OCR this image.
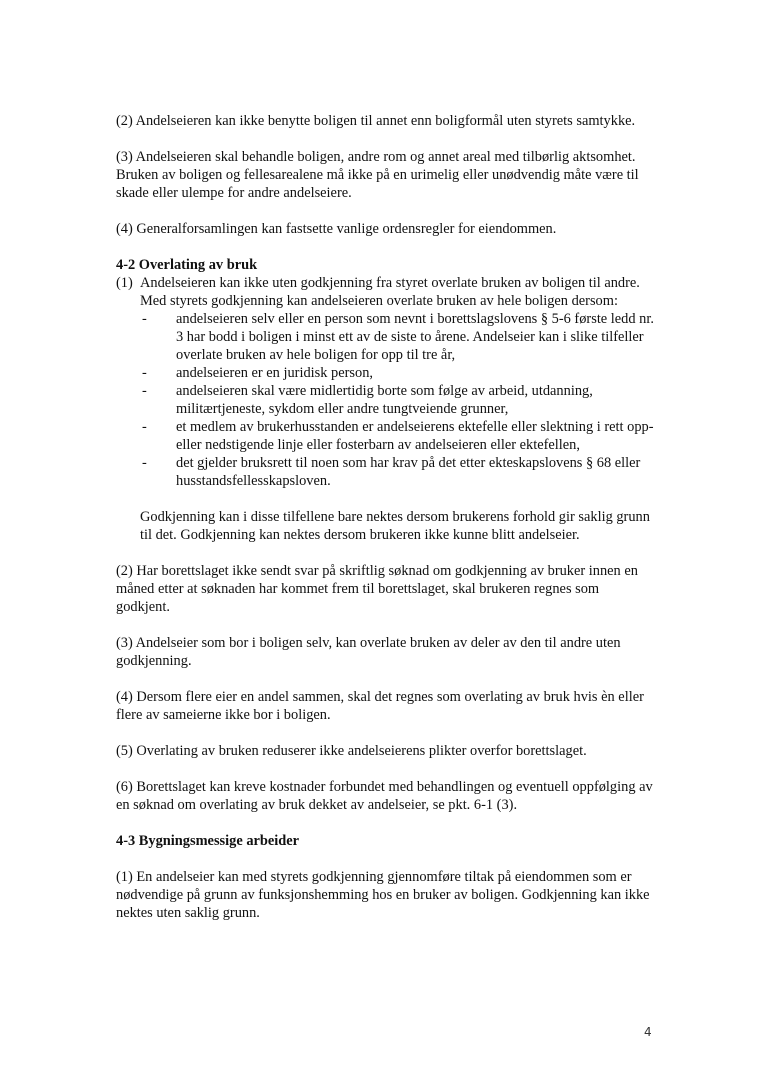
(2) Andelseieren kan ikke benytte boligen til annet enn boligformål uten styrets samtykke.

(3) Andelseieren skal behandle boligen, andre rom og annet areal med tilbørlig aktsomhet. Bruken av boligen og fellesarealene må ikke på en urimelig eller unødvendig måte være til skade eller ulempe for andre andelseiere.

(4) Generalforsamlingen kan fastsette vanlige ordensregler for eiendommen.

4-2 Overlating av bruk
(1) Andelseieren kan ikke uten godkjenning fra styret overlate bruken av boligen til andre. Med styrets godkjenning kan andelseieren overlate bruken av hele boligen dersom:
- andelseieren selv eller en person som nevnt i borettslagslovens § 5-6 første ledd nr. 3 har bodd i boligen i minst ett av de siste to årene. Andelseier kan i slike tilfeller overlate bruken av hele boligen for opp til tre år,
- andelseieren er en juridisk person,
- andelseieren skal være midlertidig borte som følge av arbeid, utdanning, militærtjeneste, sykdom eller andre tungtveiende grunner,
- et medlem av brukerhusstanden er andelseierens ektefelle eller slektning i rett opp- eller nedstigende linje eller fosterbarn av andelseieren eller ektefellen,
- det gjelder bruksrett til noen som har krav på det etter ekteskapslovens § 68 eller husstandsfellesskapsloven.

Godkjenning kan i disse tilfellene bare nektes dersom brukerens forhold gir saklig grunn til det. Godkjenning kan nektes dersom brukeren ikke kunne blitt andelseier.

(2) Har borettslaget ikke sendt svar på skriftlig søknad om godkjenning av bruker innen en måned etter at søknaden har kommet frem til borettslaget, skal brukeren regnes som godkjent.

(3) Andelseier som bor i boligen selv, kan overlate bruken av deler av den til andre uten godkjenning.

(4) Dersom flere eier en andel sammen, skal det regnes som overlating av bruk hvis èn eller flere av sameierne ikke bor i boligen.

(5) Overlating av bruken reduserer ikke andelseierens plikter overfor borettslaget.

(6) Borettslaget kan kreve kostnader forbundet med behandlingen og eventuell oppfølging av en søknad om overlating av bruk dekket av andelseier, se pkt. 6-1 (3).

4-3 Bygningsmessige arbeider

(1) En andelseier kan med styrets godkjenning gjennomføre tiltak på eiendommen som er nødvendige på grunn av funksjonshemming hos en bruker av boligen. Godkjenning kan ikke nektes uten saklig grunn.

4
